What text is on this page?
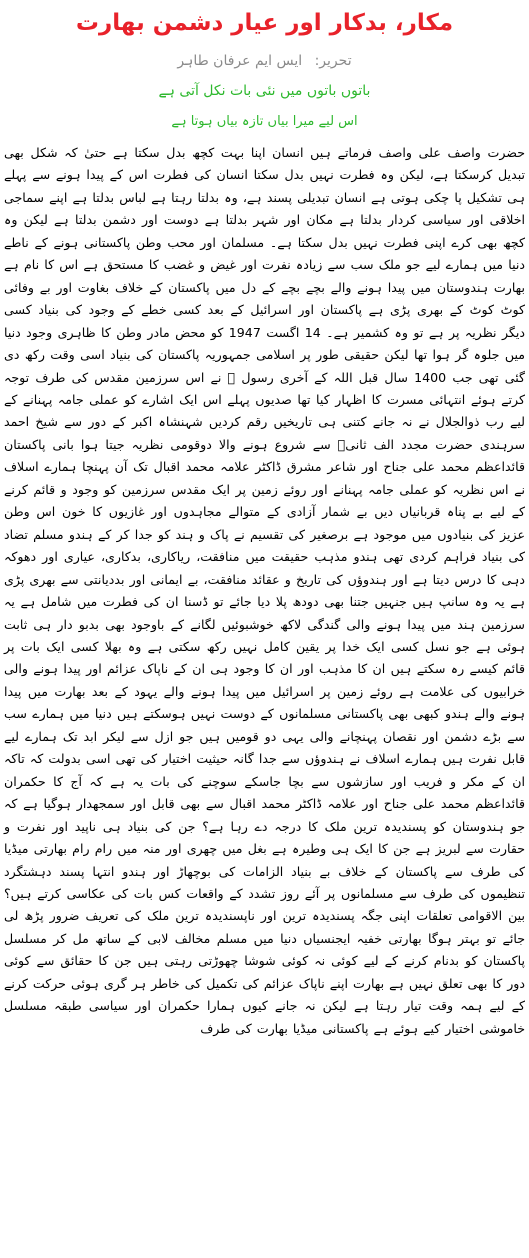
مکار، بدکار اور عیار دشمن بھارت
تحریر: ایس ایم عرفان طاہر
باتوں باتوں میں نئی بات نکل آتی ہے
اس لیے میرا بیاں تازہ بیاں ہوتا ہے

حضرت واصف علی واصف فرماتے ہیں انسان اپنا بہت کچھ بدل سکتا ہے حتیٰ کہ شکل بھی تبدیل کرسکتا ہے، لیکن وہ فطرت نہیں بدل سکتا انسان کی فطرت اس کے پیدا ہونے سے پہلے ہی تشکیل پا چکی ہوتی ہے انسان تبدیلی پسند ہے، وہ بدلتا رہتا ہے لباس بدلتا ہے اپنے سماجی اخلاقی اور سیاسی کردار بدلتا ہے مکان اور شہر بدلتا ہے دوست اور دشمن بدلتا ہے لیکن وہ کچھ بھی کرے اپنی فطرت نہیں بدل سکتا ہے۔ مسلمان اور محب وطن پاکستانی ہونے کے ناطے دنیا میں ہمارے لیے جو ملک سب سے زیادہ نفرت اور غیض و غضب کا مستحق ہے اس کا نام ہے بھارت ہندوستان میں پیدا ہونے والے بچے بچے کے دل میں پاکستان کے خلاف بغاوت اور بے وفائی کوٹ کوٹ کے بھری پڑی ہے پاکستان اور اسرائیل کے بعد کسی خطے کے وجود کی بنیاد کسی دیگر نظریہ پر ہے تو وہ کشمیر ہے۔ 14 اگست 1947 کو محض مادر وطن کا ظاہری وجود دنیا میں جلوہ گر ہوا تھا لیکن حقیقی طور پر اسلامی جمہوریہ پاکستان کی بنیاد اسی وقت رکھ دی گئی تھی جب 1400 سال قبل اللہ کے آخری رسول ﷺ نے اس سرزمین مقدس کی طرف توجہ کرتے ہوئے انتہائی مسرت کا اظہار کیا تھا صدیوں پہلے اس ایک اشارے کو عملی جامہ پہنانے کے لیے رب ذوالجلال نے نہ جانے کتنی ہی تاریخیں رقم کردیں شہنشاہ اکبر کے دور سے شیخ احمد سرہندی حضرت مجدد الف ثانیؒ سے شروع ہونے والا دوقومی نظریہ جیتا ہوا بانی پاکستان قائداعظم محمد علی جناح اور شاعر مشرق ڈاکٹر علامہ محمد اقبال تک آن پہنچا ہمارے اسلاف نے اس نظریہ کو عملی جامہ پہنانے اور روئے زمین پر ایک مقدس سرزمین کو وجود و قائم کرنے کے لیے بے پناہ قربانیاں دیں بے شمار آزادی کے متوالے مجاہدوں اور غازیوں کا خون اس وطن عزیز کی بنیادوں میں موجود ہے برصغیر کی تقسیم نے پاک و ہند کو جدا کر کے ہندو مسلم تضاد کی بنیاد فراہم کردی تھی ہندو مذہب حقیقت میں منافقت، ریاکاری، بدکاری، عیاری اور دھوکہ دہی کا درس دیتا ہے اور ہندوؤں کی تاریخ و عقائد منافقت، بے ایمانی اور بددیانتی سے بھری پڑی ہے یہ وہ سانپ ہیں جنہیں جتنا بھی دودھ پلا دیا جائے تو ڈسنا ان کی فطرت میں شامل ہے یہ سرزمین ہند میں پیدا ہونے والی گندگی لاکھ خوشبوئیں لگانے کے باوجود بھی بدبو دار ہی ثابت ہوئی ہے جو نسل کسی ایک خدا پر یقین کامل نہیں رکھ سکتی ہے وہ بھلا کسی ایک بات پر قائم کیسے رہ سکتے ہیں ان کا مذہب اور ان کا وجود ہی ان کے ناپاک عزائم اور پیدا ہونے والی خرابیوں کی علامت ہے روئے زمین پر اسرائیل میں پیدا ہونے والے یہود کے بعد بھارت میں پیدا ہونے والے ہندو کبھی بھی پاکستانی مسلمانوں کے دوست نہیں ہوسکتے ہیں دنیا میں ہمارے سب سے بڑے دشمن اور نقصان پہنچانے والی یہی دو قومیں ہیں جو ازل سے لیکر ابد تک ہمارے لیے قابل نفرت ہیں ہمارے اسلاف نے ہندوؤں سے جدا گانہ حیثیت اختیار کی تھی اسی بدولت کہ تاکہ ان کے مکر و فریب اور سازشوں سے بچا جاسکے سوچنے کی بات یہ ہے کہ آج کا حکمران قائداعظم محمد علی جناح اور علامہ ڈاکٹر محمد اقبال سے بھی قابل اور سمجھدار ہوگیا ہے کہ جو ہندوستان کو پسندیدہ ترین ملک کا درجہ دے رہا ہے؟ جن کی بنیاد ہی ناپید اور نفرت و حقارت سے لبریز ہے جن کا ایک ہی وطیرہ ہے بغل میں چھری اور منہ میں رام رام بھارتی میڈیا کی طرف سے پاکستان کے خلاف بے بنیاد الزامات کی بوچھاڑ اور ہندو انتہا پسند دہشتگرد تنظیموں کی طرف سے مسلمانوں پر آئے روز تشدد کے واقعات کس بات کی عکاسی کرتے ہیں؟ بین الاقوامی تعلقات اپنی جگہ پسندیدہ ترین اور ناپسندیدہ ترین ملک کی تعریف ضرور پڑھ لی جائے تو بہتر ہوگا بھارتی خفیہ ایجنسیاں دنیا میں مسلم مخالف لابی کے ساتھ مل کر مسلسل پاکستان کو بدنام کرنے کے لیے کوئی نہ کوئی شوشا چھوڑتی رہتی ہیں جن کا حقائق سے کوئی دور کا بھی تعلق نہیں ہے بھارت اپنے ناپاک عزائم کی تکمیل کی خاطر ہر گری ہوئی حرکت کرنے کے لیے ہمہ وقت تیار رہتا ہے لیکن نہ جانے کیوں ہمارا حکمران اور سیاسی طبقہ مسلسل خاموشی اختیار کیے ہوئے ہے پاکستانی میڈیا بھارت کی طرف
